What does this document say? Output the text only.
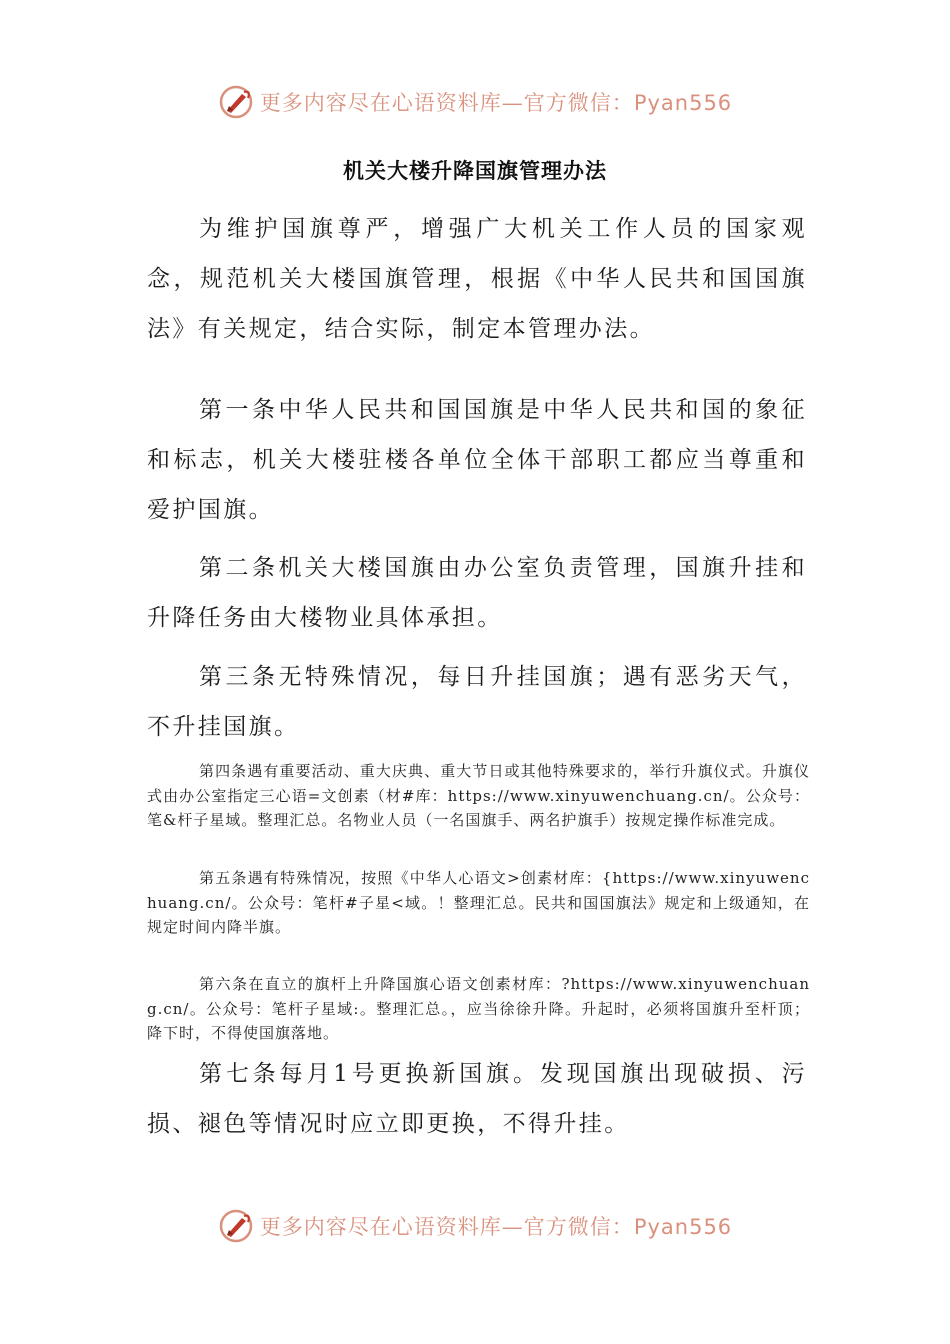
更多内容尽在心语资料库—官方微信：Pyan556
机关大楼升降国旗管理办法

为维护国旗尊严，增强广大机关工作人员的国家观念，规范机关大楼国旗管理，根据《中华人民共和国国旗法》有关规定，结合实际，制定本管理办法。

第一条中华人民共和国国旗是中华人民共和国的象征和标志，机关大楼驻楼各单位全体干部职工都应当尊重和爱护国旗。

第二条机关大楼国旗由办公室负责管理，国旗升挂和升降任务由大楼物业具体承担。

第三条无特殊情况，每日升挂国旗；遇有恶劣天气，不升挂国旗。

第四条遇有重要活动、重大庆典、重大节日或其他特殊要求的，举行升旗仪式。升旗仪式由办公室指定三心语=文创素（材#库：https://www.xinyuwenchuang.cn/。公众号：笔&杆子星域。整理汇总。名物业人员（一名国旗手、两名护旗手）按规定操作标准完成。

第五条遇有特殊情况，按照《中华人心语文>创素材库：{https://www.xinyuwenchuang.cn/。公众号：笔杆#子星<域。！整理汇总。民共和国国旗法》规定和上级通知，在规定时间内降半旗。

第六条在直立的旗杆上升降国旗心语文创素材库：?https://www.xinyuwenchuang.cn/。公众号：笔杆子星域:。整理汇总。，应当徐徐升降。升起时，必须将国旗升至杆顶；降下时，不得使国旗落地。

第七条每月1号更换新国旗。发现国旗出现破损、污损、褪色等情况时应立即更换，不得升挂。

更多内容尽在心语资料库—官方微信：Pyan556
